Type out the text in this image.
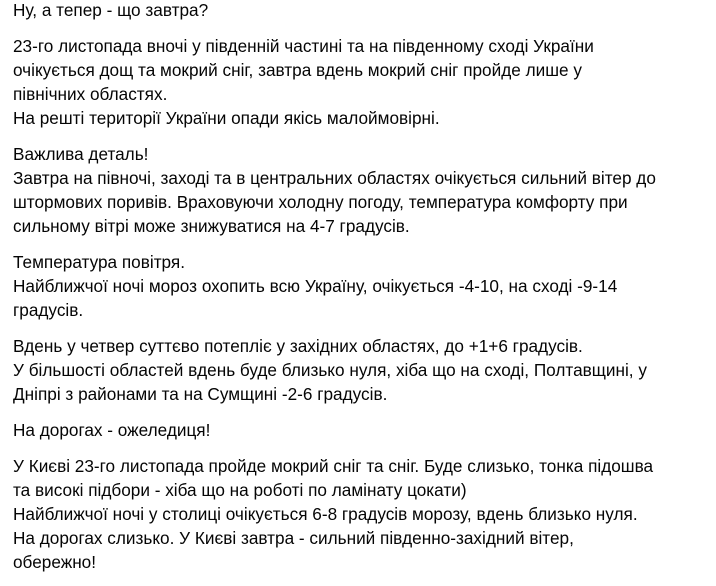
Ну, а тепер - що завтра?
23-го листопада вночі у південній частині та на південному сході України
очікується дощ та мокрий сніг, завтра вдень мокрий сніг пройде лише у
північних областях.
На решті території України опади якісь малоймовірні.
Важлива деталь!
Завтра на півночі, заході та в центральних областях очікується сильний вітер до
штормових поривів. Враховуючи холодну погоду, температура комфорту при
сильному вітрі може знижуватися на 4-7 градусів.
Температура повітря.
Найближчої ночі мороз охопить всю Україну, очікується -4-10, на сході -9-14
градусів.
Вдень у четвер суттєво потепліє у західних областях, до +1+6 градусів.
У більшості областей вдень буде близько нуля, хіба що на сході, Полтавщині, у
Дніпрі з районами та на Сумщині -2-6 градусів.
На дорогах - ожеледиця!
У Києві 23-го листопада пройде мокрий сніг та сніг. Буде слизько, тонка підошва
та високі підбори - хіба що на роботі по ламінату цокати)
Найближчої ночі у столиці очікується 6-8 градусів морозу, вдень близько нуля.
На дорогах слизько. У Києві завтра - сильний південно-західний вітер,
обережно!
